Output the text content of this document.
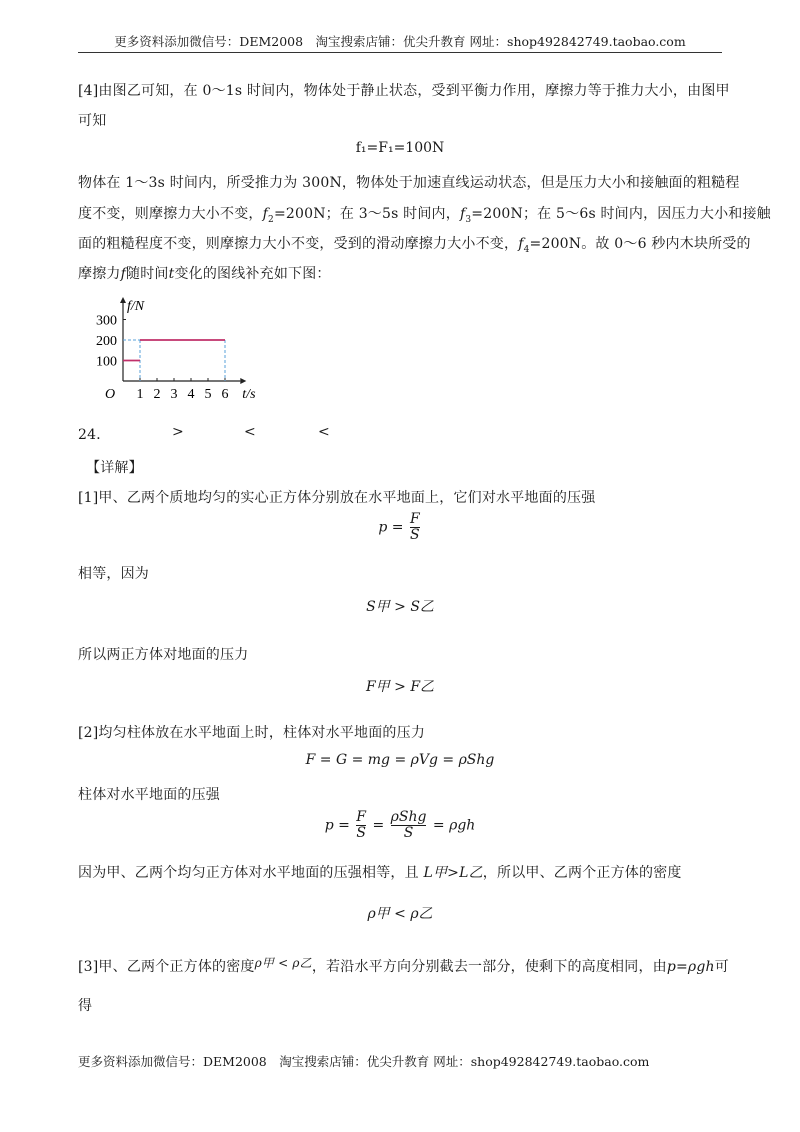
更多资料添加微信号：DEM2008　淘宝搜索店铺：优尖升教育 网址：shop492842749.taobao.com
[4]由图乙可知，在 0～1s 时间内，物体处于静止状态，受到平衡力作用，摩擦力等于推力大小，由图甲
可知
f₁=F₁=100N
物体在 1～3s 时间内，所受推力为 300N，物体处于加速直线运动状态，但是压力大小和接触面的粗糙程
度不变，则摩擦力大小不变，$f_2=200N$；在 3～5s 时间内，$f_3=200N$；在 5～6s 时间内，因压力大小和接触
面的粗糙程度不变，则摩擦力大小不变，受到的滑动摩擦力大小不变，$f_4=200N$。故 0～6 秒内木块所受的
摩擦力f随时间t变化的图线补充如下图：
1 2 3 4 5 6
100
200
300
O
f/N
t/s
24．	>	<	<
【详解】
[1]甲、乙两个质地均匀的实心正方体分别放在水平地面上，它们对水平地面的压强
$p = \frac{F}{S}$
相等，因为
S甲 > S乙
所以两正方体对地面的压力
F甲 > F乙
[2]均匀柱体放在水平地面上时，柱体对水平地面的压力
F = G = mg = ρVg = ρShg
柱体对水平地面的压强
$p = \frac{F}{S} = \frac{\text{ρShg}}{S} = \rho gh$
因为甲、乙两个均匀正方体对水平地面的压强相等，且 L甲>L乙，所以甲、乙两个正方体的密度
ρ甲 < ρ乙
[3]甲、乙两个正方体的密度ρ甲 < ρ乙，若沿水平方向分别截去一部分，使剩下的高度相同，由p=ρgh可
得
更多资料添加微信号：DEM2008　淘宝搜索店铺：优尖升教育 网址：shop492842749.taobao.com
